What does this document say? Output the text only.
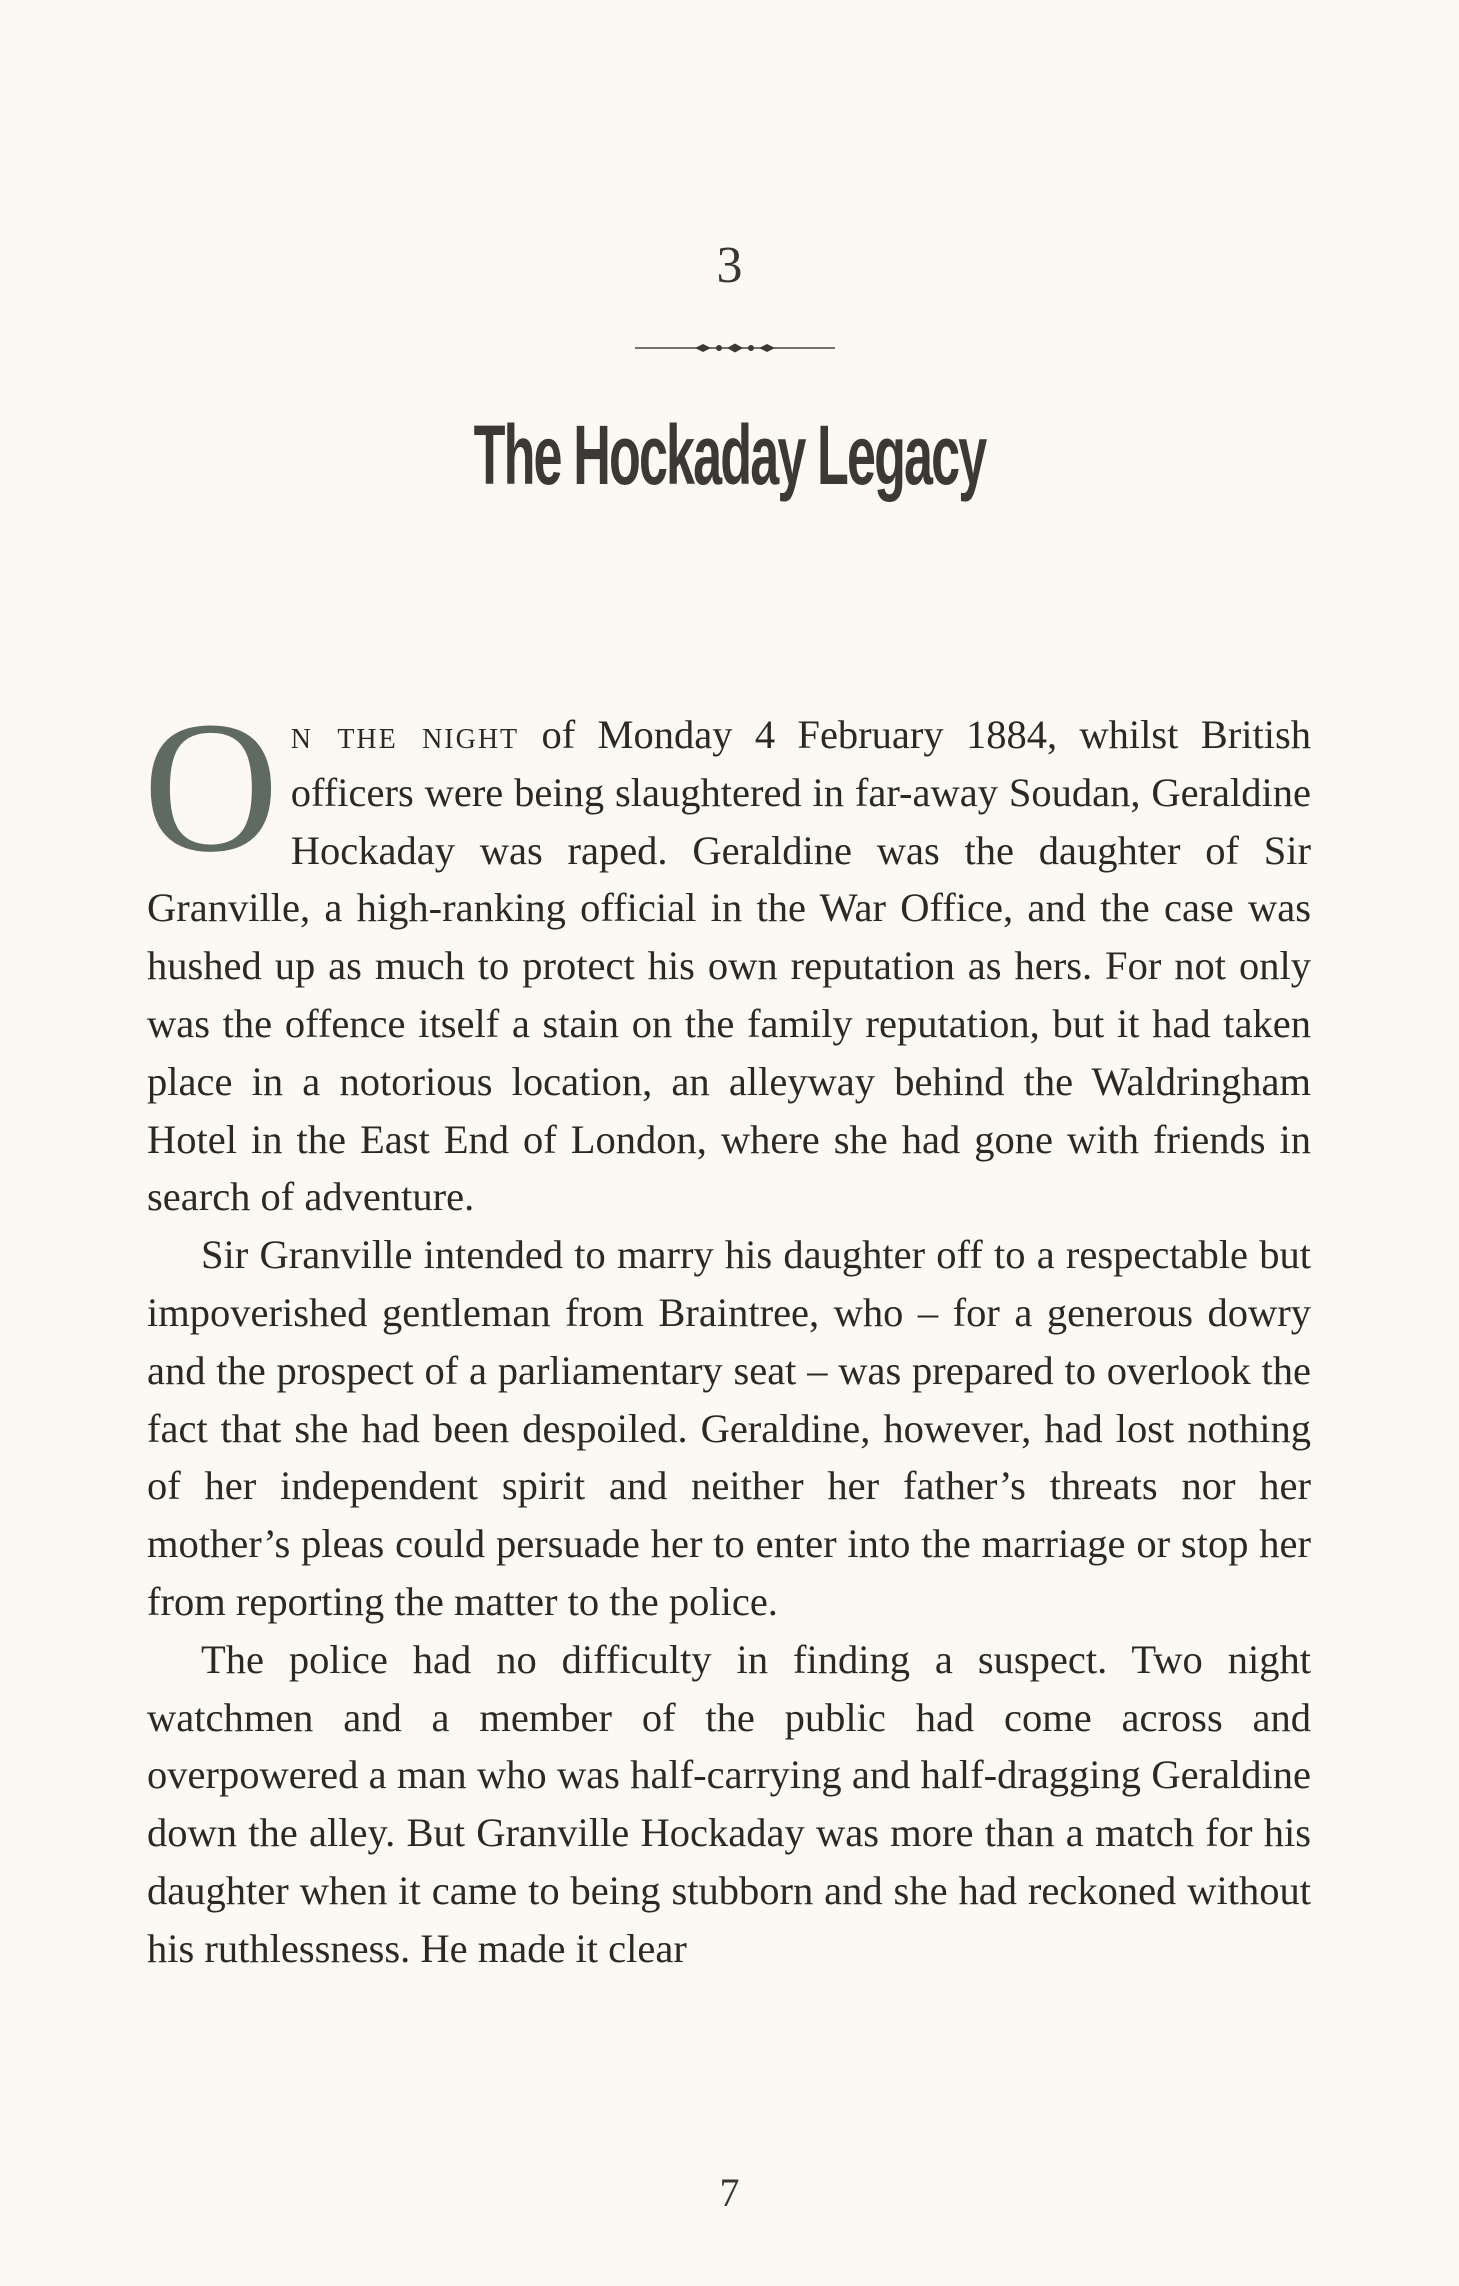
3
The Hockaday Legacy

On the night of Monday 4 February 1884, whilst British officers were being slaughtered in far-away Soudan, Geraldine Hockaday was raped. Geraldine was the daughter of Sir Granville, a high-ranking official in the War Office, and the case was hushed up as much to protect his own reputation as hers. For not only was the offence itself a stain on the family reputation, but it had taken place in a notorious location, an alleyway behind the Waldringham Hotel in the East End of London, where she had gone with friends in search of adventure.

Sir Granville intended to marry his daughter off to a respectable but impoverished gentleman from Braintree, who – for a generous dowry and the prospect of a parliamentary seat – was prepared to overlook the fact that she had been despoiled. Geraldine, however, had lost nothing of her independent spirit and neither her father’s threats nor her mother’s pleas could persuade her to enter into the marriage or stop her from reporting the matter to the police.

The police had no difficulty in finding a suspect. Two night watchmen and a member of the public had come across and overpowered a man who was half-carrying and half-dragging Geraldine down the alley. But Granville Hockaday was more than a match for his daughter when it came to being stubborn and she had reckoned without his ruthlessness. He made it clear

7
